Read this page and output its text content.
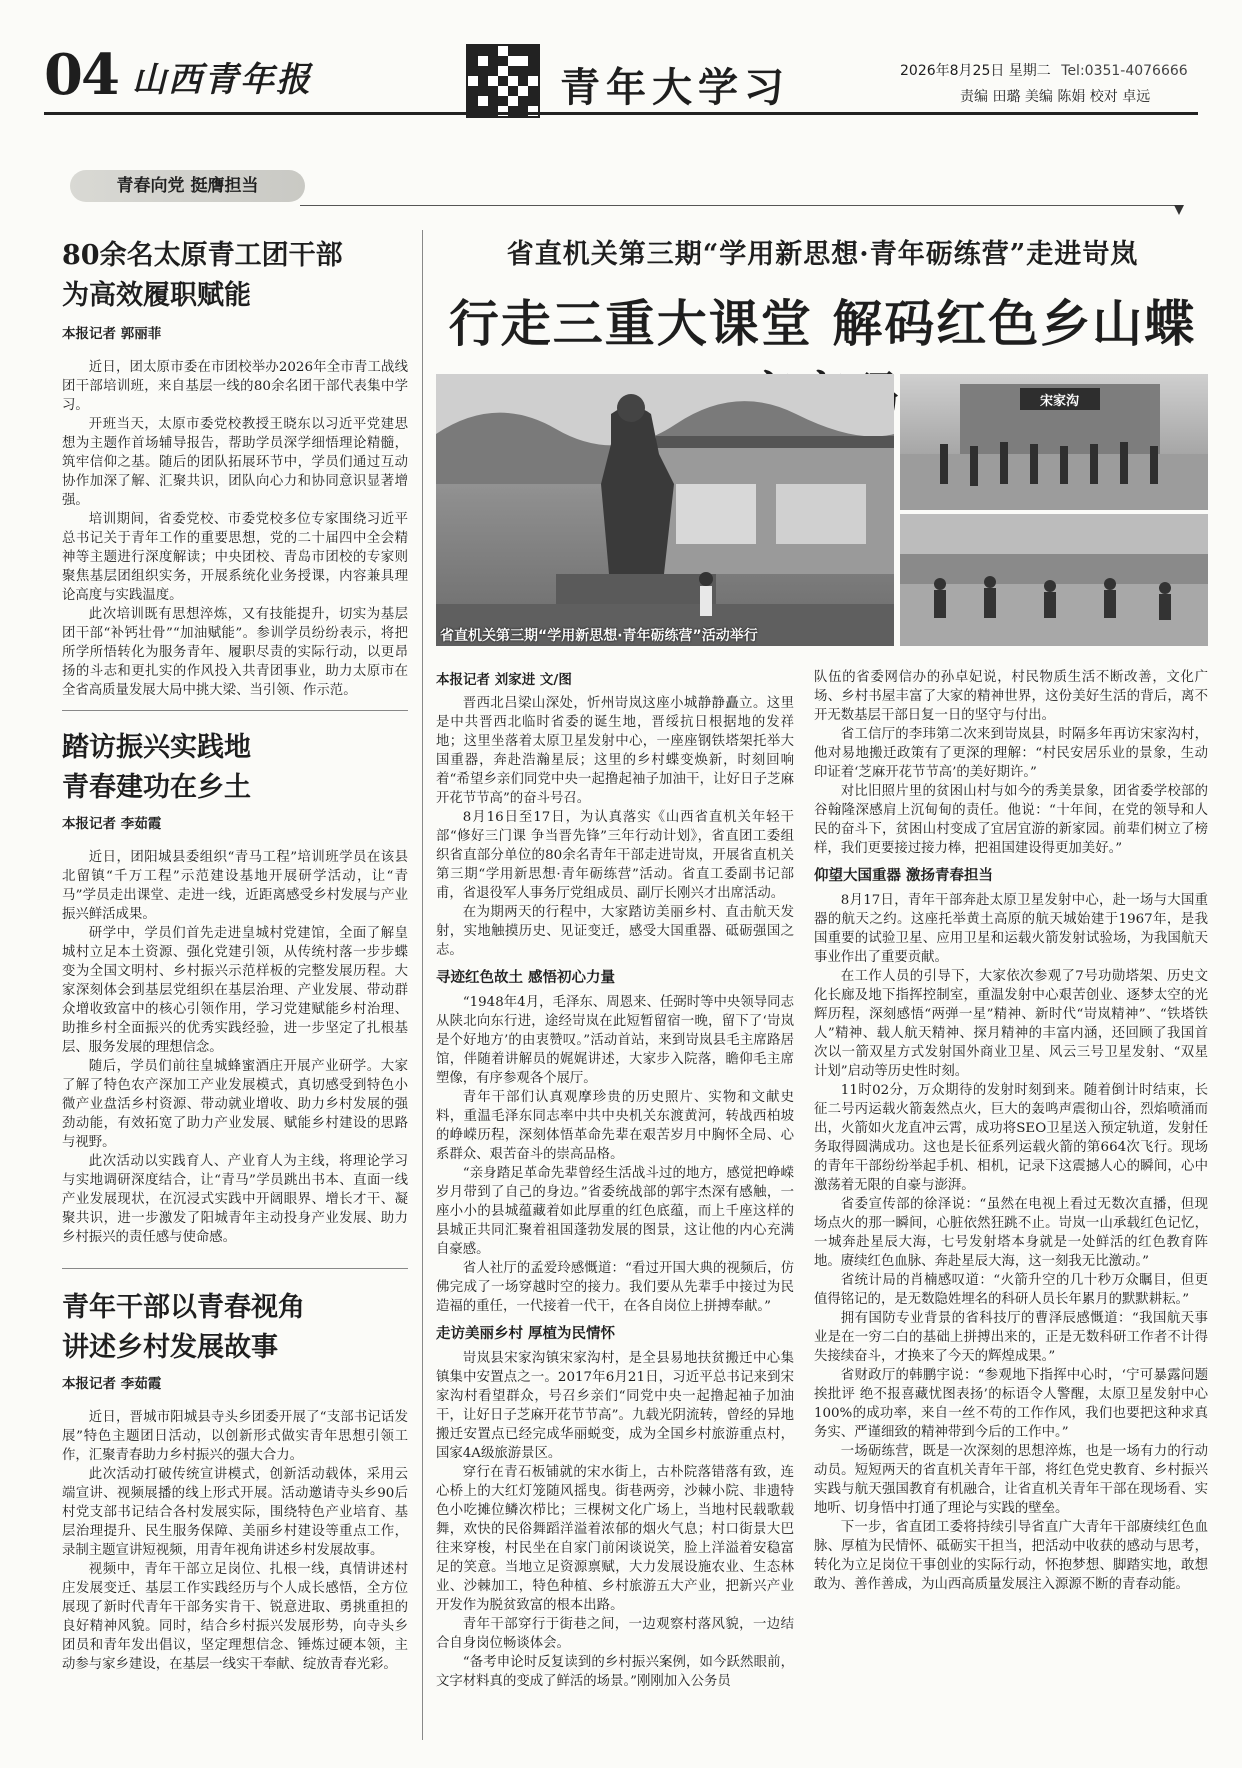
04 山西青年报	青年大学习	2026年8月25日 星期二 Tel:0351-4076666
责编 田璐 美编 陈娟 校对 卓远
青春向党 挺膺担当
80余名太原青工团干部
为高效履职赋能
本报记者 郭丽菲

近日，团太原市委在市团校举办2026年全市青工战线团干部培训班，来自基层一线的80余名团干部代表集中学习。

开班当天，太原市委党校教授王晓东以习近平党建思想为主题作首场辅导报告，帮助学员深学细悟理论精髓，筑牢信仰之基。随后的团队拓展环节中，学员们通过互动协作加深了解、汇聚共识，团队向心力和协同意识显著增强。

培训期间，省委党校、市委党校多位专家围绕习近平总书记关于青年工作的重要思想，党的二十届四中全会精神等主题进行深度解读；中央团校、青岛市团校的专家则聚焦基层团组织实务，开展系统化业务授课，内容兼具理论高度与实践温度。

此次培训既有思想淬炼，又有技能提升，切实为基层团干部“补钙壮骨”“加油赋能”。参训学员纷纷表示，将把所学所悟转化为服务青年、履职尽责的实际行动，以更昂扬的斗志和更扎实的作风投入共青团事业，助力太原市在全省高质量发展大局中挑大梁、当引领、作示范。

踏访振兴实践地
青春建功在乡土
本报记者 李茹霞

近日，团阳城县委组织“青马工程”培训班学员在该县北留镇“千万工程”示范建设基地开展研学活动，让“青马”学员走出课堂、走进一线，近距离感受乡村发展与产业振兴鲜活成果。

研学中，学员们首先走进皇城村党建馆，全面了解皇城村立足本土资源、强化党建引领，从传统村落一步步蝶变为全国文明村、乡村振兴示范样板的完整发展历程。大家深刻体会到基层党组织在基层治理、产业发展、带动群众增收致富中的核心引领作用，学习党建赋能乡村治理、助推乡村全面振兴的优秀实践经验，进一步坚定了扎根基层、服务发展的理想信念。

随后，学员们前往皇城蜂蜜酒庄开展产业研学。大家了解了特色农产深加工产业发展模式，真切感受到特色小微产业盘活乡村资源、带动就业增收、助力乡村发展的强劲动能，有效拓宽了助力产业发展、赋能乡村建设的思路与视野。

此次活动以实践育人、产业育人为主线，将理论学习与实地调研深度结合，让“青马”学员跳出书本、直面一线产业发展现状，在沉浸式实践中开阔眼界、增长才干、凝聚共识，进一步激发了阳城青年主动投身产业发展、助力乡村振兴的责任感与使命感。

青年干部以青春视角
讲述乡村发展故事
本报记者 李茹霞

近日，晋城市阳城县寺头乡团委开展了“支部书记话发展”特色主题团日活动，以创新形式做实青年思想引领工作，汇聚青春助力乡村振兴的强大合力。

此次活动打破传统宣讲模式，创新活动载体，采用云端宣讲、视频展播的线上形式开展。活动邀请寺头乡90后村党支部书记结合各村发展实际，围绕特色产业培育、基层治理提升、民生服务保障、美丽乡村建设等重点工作，录制主题宣讲短视频，用青年视角讲述乡村发展故事。

视频中，青年干部立足岗位、扎根一线，真情讲述村庄发展变迁、基层工作实践经历与个人成长感悟，全方位展现了新时代青年干部务实肯干、锐意进取、勇挑重担的良好精神风貌。同时，结合乡村振兴发展形势，向寺头乡团员和青年发出倡议，坚定理想信念、锤炼过硬本领，主动参与家乡建设，在基层一线实干奉献、绽放青春光彩。

省直机关第三期“学用新思想·青年砺练营”走进岢岚
行走三重大课堂 解码红色乡山蝶
省直机关第三期“学用新思想·青年砺练营”活动举行
宋家沟
本报记者 刘家进 文/图

晋西北吕梁山深处，忻州岢岚这座小城静静矗立。这里是中共晋西北临时省委的诞生地，晋绥抗日根据地的发祥地；这里坐落着太原卫星发射中心，一座座钢铁塔架托举大国重器，奔赴浩瀚星辰；这里的乡村蝶变焕新，时刻回响着“希望乡亲们同党中央一起撸起袖子加油干，让好日子芝麻开花节节高”的奋斗号召。

8月16日至17日，为认真落实《山西省直机关年轻干部“修好三门课 争当晋先锋”三年行动计划》，省直团工委组织省直部分单位的80余名青年干部走进岢岚，开展省直机关第三期“学用新思想·青年砺练营”活动。省直工委副书记部甫，省退役军人事务厅党组成员、副厅长刚兴才出席活动。

在为期两天的行程中，大家踏访美丽乡村、直击航天发射，实地触摸历史、见证变迁，感受大国重器、砥砺强国之志。

寻迹红色故土 感悟初心力量

“1948年4月，毛泽东、周恩来、任弼时等中央领导同志从陕北向东行进，途经岢岚在此短暂留宿一晚，留下了‘岢岚是个好地方’的由衷赞叹。”活动首站，来到岢岚县毛主席路居馆，伴随着讲解员的娓娓讲述，大家步入院落，瞻仰毛主席塑像，有序参观各个展厅。

青年干部们认真观摩珍贵的历史照片、实物和文献史料，重温毛泽东同志率中共中央机关东渡黄河，转战西柏坡的峥嵘历程，深刻体悟革命先辈在艰苦岁月中胸怀全局、心系群众、艰苦奋斗的崇高品格。

“亲身踏足革命先辈曾经生活战斗过的地方，感觉把峥嵘岁月带到了自己的身边。”省委统战部的郭宇杰深有感触，一座小小的县城蕴藏着如此厚重的红色底蕴，而上千座这样的县城正共同汇聚着祖国蓬勃发展的图景，这让他的内心充满自豪感。

省人社厅的孟爱玲感慨道：“看过开国大典的视频后，仿佛完成了一场穿越时空的接力。我们要从先辈手中接过为民造福的重任，一代接着一代干，在各自岗位上拼搏奉献。”

走访美丽乡村 厚植为民情怀

岢岚县宋家沟镇宋家沟村，是全县易地扶贫搬迁中心集镇集中安置点之一。2017年6月21日，习近平总书记来到宋家沟村看望群众，号召乡亲们“同党中央一起撸起袖子加油干，让好日子芝麻开花节节高”。九载光阴流转，曾经的异地搬迁安置点已经完成华丽蜕变，成为全国乡村旅游重点村，国家4A级旅游景区。

穿行在青石板铺就的宋水街上，古朴院落错落有致，连心桥上的大红灯笼随风摇曳。街巷两旁，沙棘小院、非遗特色小吃摊位鳞次栉比；三棵树文化广场上，当地村民载歌载舞，欢快的民俗舞蹈洋溢着浓郁的烟火气息；村口街景大巴往来穿梭，村民坐在自家门前闲谈说笑，脸上洋溢着安稳富足的笑意。当地立足资源禀赋，大力发展设施农业、生态林业、沙棘加工，特色种植、乡村旅游五大产业，把新兴产业开发作为脱贫致富的根本出路。

青年干部穿行于街巷之间，一边观察村落风貌，一边结合自身岗位畅谈体会。

“备考申论时反复读到的乡村振兴案例，如今跃然眼前，文字材料真的变成了鲜活的场景。”刚刚加入公务员

队伍的省委网信办的孙卓妃说，村民物质生活不断改善，文化广场、乡村书屋丰富了大家的精神世界，这份美好生活的背后，离不开无数基层干部日复一日的坚守与付出。

省工信厅的李玮第二次来到岢岚县，时隔多年再访宋家沟村，他对易地搬迁政策有了更深的理解：“村民安居乐业的景象，生动印证着‘芝麻开花节节高’的美好期许。”

对比旧照片里的贫困山村与如今的秀美景象，团省委学校部的谷翰隆深感肩上沉甸甸的责任。他说：“十年间，在党的领导和人民的奋斗下，贫困山村变成了宜居宜游的新家园。前辈们树立了榜样，我们更要接过接力棒，把祖国建设得更加美好。”

仰望大国重器 激扬青春担当

8月17日，青年干部奔赴太原卫星发射中心，赴一场与大国重器的航天之约。这座托举黄土高原的航天城始建于1967年，是我国重要的试验卫星、应用卫星和运载火箭发射试验场，为我国航天事业作出了重要贡献。

在工作人员的引导下，大家依次参观了7号功勋塔架、历史文化长廊及地下指挥控制室，重温发射中心艰苦创业、逐梦太空的光辉历程，深刻感悟“两弹一星”精神、新时代“岢岚精神”、“铁塔铁人”精神、载人航天精神、探月精神的丰富内涵，还回顾了我国首次以一箭双星方式发射国外商业卫星、风云三号卫星发射、“双星计划”启动等历史性时刻。

11时02分，万众期待的发射时刻到来。随着倒计时结束，长征二号丙运载火箭轰然点火，巨大的轰鸣声震彻山谷，烈焰喷涌而出，火箭如火龙直冲云霄，成功将SEO卫星送入预定轨道，发射任务取得圆满成功。这也是长征系列运载火箭的第664次飞行。现场的青年干部纷纷举起手机、相机，记录下这震撼人心的瞬间，心中激荡着无限的自豪与澎湃。

省委宣传部的徐泽说：“虽然在电视上看过无数次直播，但现场点火的那一瞬间，心脏依然狂跳不止。岢岚一山承载红色记忆，一城奔赴星辰大海，七号发射塔本身就是一处鲜活的红色教育阵地。赓续红色血脉、奔赴星辰大海，这一刻我无比激动。”

省统计局的肖楠感叹道：“火箭升空的几十秒万众瞩目，但更值得铭记的，是无数隐姓埋名的科研人员长年累月的默默耕耘。”

拥有国防专业背景的省科技厅的曹泽辰感慨道：“我国航天事业是在一穷二白的基础上拼搏出来的，正是无数科研工作者不计得失接续奋斗，才换来了今天的辉煌成果。”

省财政厅的韩鹏宇说：“参观地下指挥中心时，‘宁可暴露问题挨批评 绝不报喜藏忧图表扬’的标语令人警醒，太原卫星发射中心100%的成功率，来自一丝不苟的工作作风，我们也要把这种求真务实、严谨细致的精神带到今后的工作中。”

一场砺练营，既是一次深刻的思想淬炼，也是一场有力的行动动员。短短两天的省直机关青年干部，将红色党史教育、乡村振兴实践与航天强国教育有机融合，让省直机关青年干部在现场看、实地听、切身悟中打通了理论与实践的壁垒。

下一步，省直团工委将持续引导省直广大青年干部赓续红色血脉、厚植为民情怀、砥砺实干担当，把活动中收获的感动与思考，转化为立足岗位干事创业的实际行动，怀抱梦想、脚踏实地，敢想敢为、善作善成，为山西高质量发展注入源源不断的青春动能。
